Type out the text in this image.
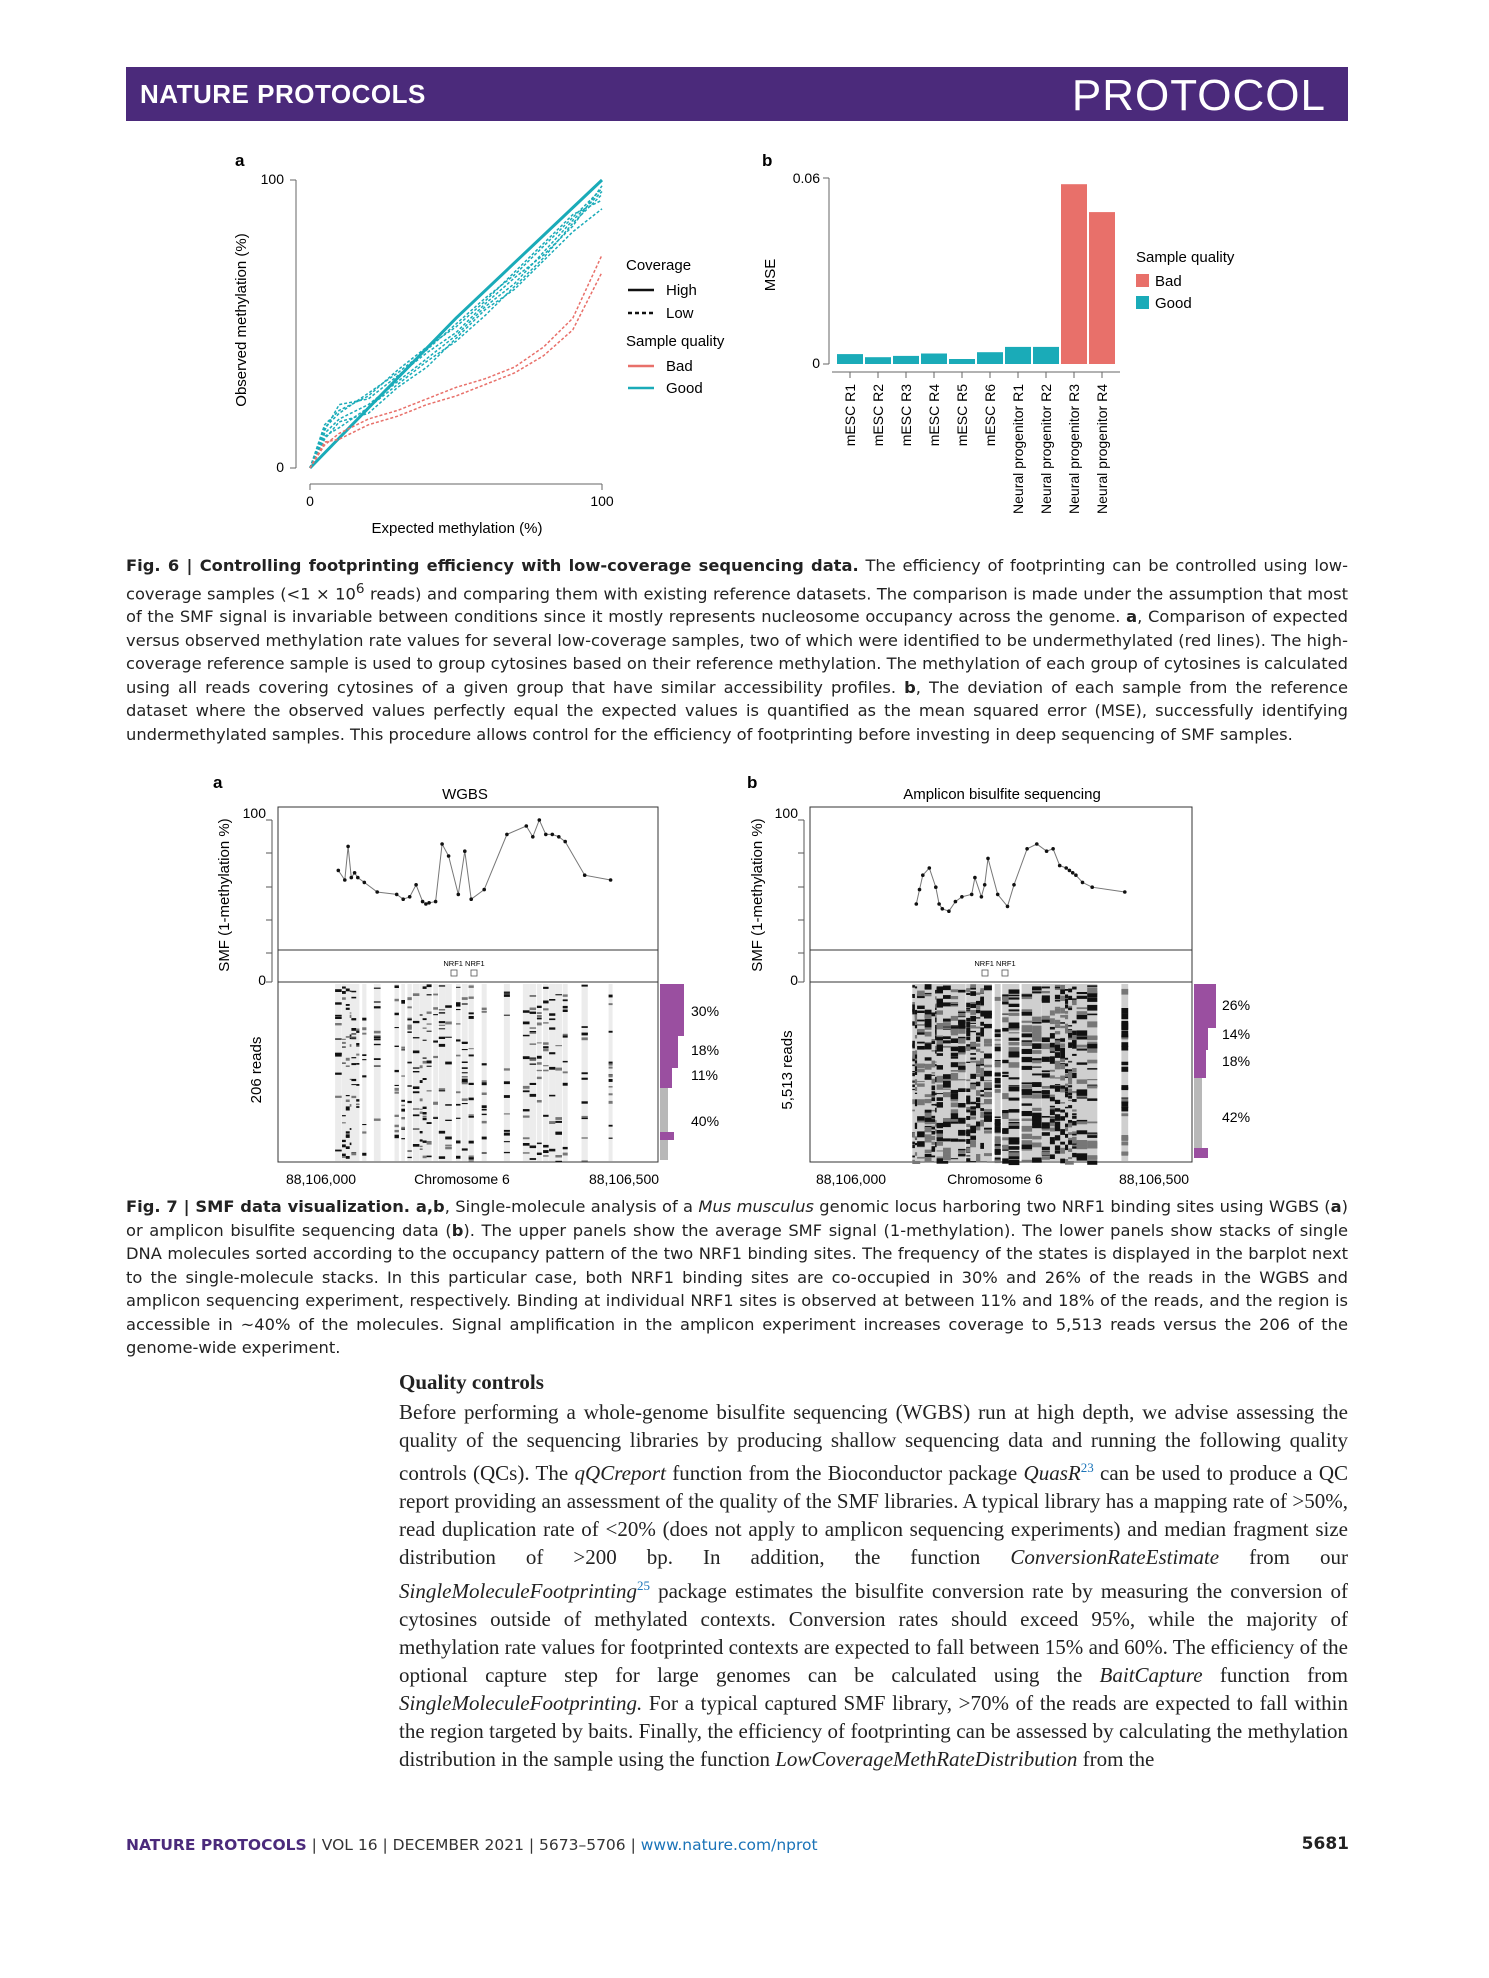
NATURE PROTOCOLS	PROTOCOL
a
100
0
0	100
Expected methylation (%)
Observed methylation (%)	Coverage
High
Low
Sample quality
Bad
Good
b
mESC R1 mESC R2 mESC R3 mESC R4 mESC R5 mESC R6 Neural progenitor R1 Neural progenitor R2 Neural progenitor R3 Neural progenitor R4
0.06
0
MSE
Sample quality
Bad
Good
Fig. 6 | Controlling footprinting efficiency with low-coverage sequencing data. The efficiency of footprinting can be controlled using low-coverage samples ($<1 \times 10^6$ reads) and comparing them with existing reference datasets. The comparison is made under the assumption that most of the SMF signal is invariable between conditions since it mostly represents nucleosome occupancy across the genome. a, Comparison of expected versus observed methylation rate values for several low-coverage samples, two of which were identified to be undermethylated (red lines). The high-coverage reference sample is used to group cytosines based on their reference methylation. The methylation of each group of cytosines is calculated using all reads covering cytosines of a given group that have similar accessibility profiles. b, The deviation of each sample from the reference dataset where the observed values perfectly equal the expected values is quantified as the mean squared error (MSE), successfully identifying undermethylated samples. This procedure allows control for the efficiency of footprinting before investing in deep sequencing of SMF samples.
a
WGBS
100
0
SMF (1-methylation %)
206 reads
NRF1 NRF1
30%
18%
11%
40%
88,106,000	Chromosome 6	88,106,500
b
Amplicon bisulfite sequencing
100
0
SMF (1-methylation %)
5,513 reads
NRF1 NRF1
26%
14%
18%
42%
88,106,000	Chromosome 6	88,106,500
Fig. 7 | SMF data visualization. a,b, Single-molecule analysis of a Mus musculus genomic locus harboring two NRF1 binding sites using WGBS (a) or amplicon bisulfite sequencing data (b). The upper panels show the average SMF signal (1-methylation). The lower panels show stacks of single DNA molecules sorted according to the occupancy pattern of the two NRF1 binding sites. The frequency of the states is displayed in the barplot next to the single-molecule stacks. In this particular case, both NRF1 binding sites are co-occupied in 30% and 26% of the reads in the WGBS and amplicon sequencing experiment, respectively. Binding at individual NRF1 sites is observed at between 11% and 18% of the reads, and the region is accessible in ~40% of the molecules. Signal amplification in the amplicon experiment increases coverage to 5,513 reads versus the 206 of the genome-wide experiment.
Quality controls
Before performing a whole-genome bisulfite sequencing (WGBS) run at high depth, we advise assessing the quality of the sequencing libraries by producing shallow sequencing data and running the following quality controls (QCs). The qQCreport function from the Bioconductor package QuasR$^{23}$ can be used to produce a QC report providing an assessment of the quality of the SMF libraries. A typical library has a mapping rate of >50%, read duplication rate of <20% (does not apply to amplicon sequencing experiments) and median fragment size distribution of >200 bp. In addition, the function ConversionRateEstimate from our SingleMoleculeFootprinting$^{25}$ package estimates the bisulfite conversion rate by measuring the conversion of cytosines outside of methylated contexts. Conversion rates should exceed 95%, while the majority of methylation rate values for footprinted contexts are expected to fall between 15% and 60%. The efficiency of the optional capture step for large genomes can be calculated using the BaitCapture function from SingleMoleculeFootprinting. For a typical captured SMF library, >70% of the reads are expected to fall within the region targeted by baits. Finally, the efficiency of footprinting can be assessed by calculating the methylation distribution in the sample using the function LowCoverageMethRateDistribution from the
NATURE PROTOCOLS | VOL 16 | DECEMBER 2021 | 5673–5706 | www.nature.com/nprot	5681
